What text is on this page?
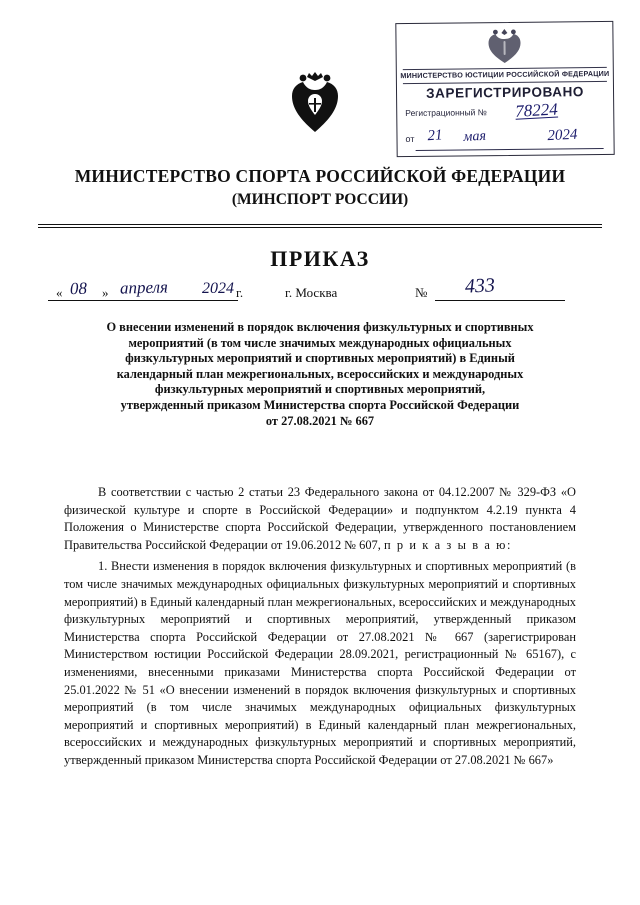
МИНИСТЕРСТВО ЮСТИЦИИ РОССИЙСКОЙ ФЕДЕРАЦИИ
ЗАРЕГИСТРИРОВАНО
Регистрационный № 78224
от 21 мая	2024
МИНИСТЕРСТВО СПОРТА РОССИЙСКОЙ ФЕДЕРАЦИИ
(МИНСПОРТ РОССИИ)
ПРИКАЗ
« 08 » апреля 2024 г.	г. Москва	№ 433

О внесении изменений в порядок включения физкультурных и спортивных

мероприятий (в том числе значимых международных официальных

физкультурных мероприятий и спортивных мероприятий) в Единый

календарный план межрегиональных, всероссийских и международных

физкультурных мероприятий и спортивных мероприятий,

утвержденный приказом Министерства спорта Российской Федерации

от 27.08.2021 № 667

В соответствии с частью 2 статьи 23 Федерального закона от 04.12.2007 № 329-ФЗ «О физической культуре и спорте в Российской Федерации» и подпунктом 4.2.19 пункта 4 Положения о Министерстве спорта Российской Федерации, утвержденного постановлением Правительства Российской Федерации от 19.06.2012 № 607, п р и к а з ы в а ю:

1. Внести изменения в порядок включения физкультурных и спортивных мероприятий (в том числе значимых международных официальных физкультурных мероприятий и спортивных мероприятий) в Единый календарный план межрегиональных, всероссийских и международных физкультурных мероприятий и спортивных мероприятий, утвержденный приказом Министерства спорта Российской Федерации от 27.08.2021 № 667 (зарегистрирован Министерством юстиции Российской Федерации 28.09.2021, регистрационный № 65167), с изменениями, внесенными приказами Министерства спорта Российской Федерации от 25.01.2022 № 51 «О внесении изменений в порядок включения физкультурных и спортивных мероприятий (в том числе значимых международных официальных физкультурных мероприятий и спортивных мероприятий) в Единый календарный план межрегиональных, всероссийских и международных физкультурных мероприятий и спортивных мероприятий, утвержденный приказом Министерства спорта Российской Федерации от 27.08.2021 № 667»
